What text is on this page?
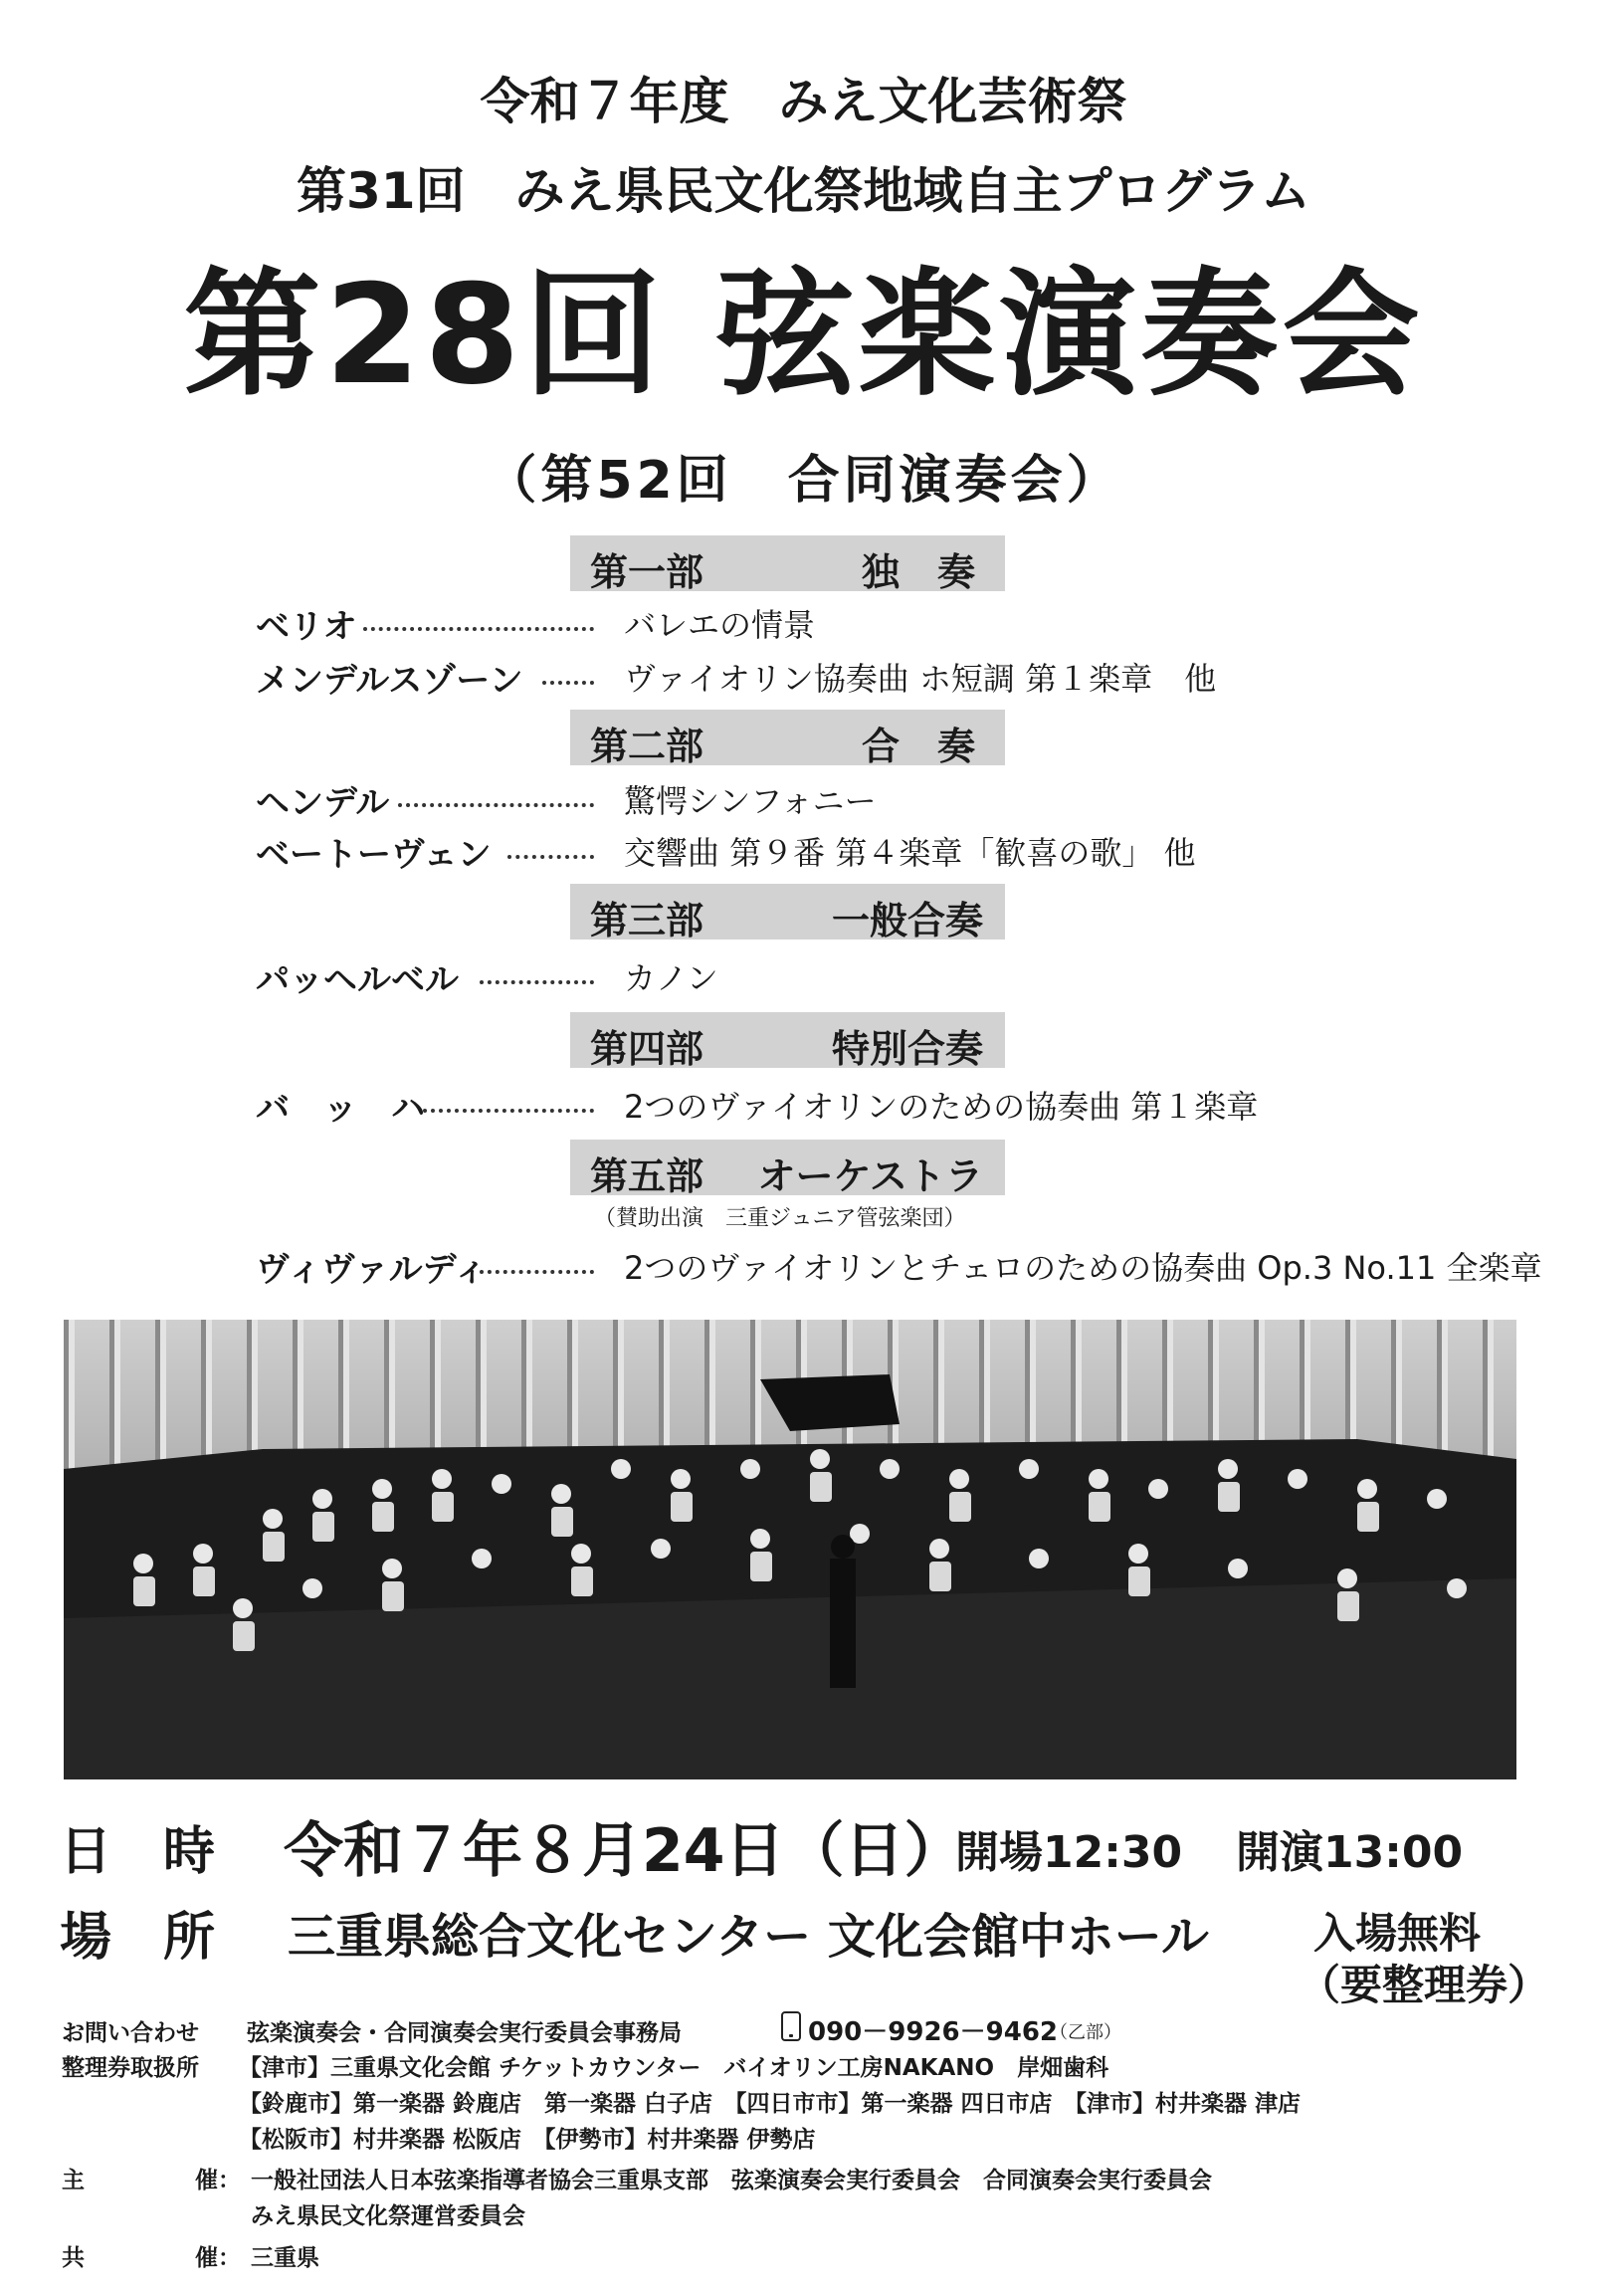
令和７年度　みえ文化芸術祭
第31回　みえ県民文化祭地域自主プログラム
第28回 弦楽演奏会
（第52回　合同演奏会）
第一部	独　奏
ベリオ	バレエの情景
メンデルスゾーン	ヴァイオリン協奏曲 ホ短調 第１楽章　他
第二部	合　奏
ヘンデル	驚愕シンフォニー
ベートーヴェン	交響曲 第９番 第４楽章「歓喜の歌」 他
第三部	一般合奏
パッヘルベル	カノン
第四部	特別合奏
バ　ッ　ハ	2つのヴァイオリンのための協奏曲 第１楽章
第五部 オーケストラ
（賛助出演　三重ジュニア管弦楽団）
ヴィヴァルディ	2つのヴァイオリンとチェロのための協奏曲 Op.3 No.11 全楽章
日　時 令和７年８月24日（日）
開場12:30 開演13:00
場　所 三重県総合文化センター 文化会館中ホール	入場無料
（要整理券）
お問い合わせ 弦楽演奏会・合同演奏会実行委員会事務局	090－9926－9462
（乙部）
整理券取扱所 【津市】三重県文化会館 チケットカウンター　バイオリン工房NAKANO　岸畑歯科
【鈴鹿市】第一楽器 鈴鹿店　第一楽器 白子店　【四日市市】第一楽器 四日市店　【津市】村井楽器 津店
【松阪市】村井楽器 松阪店　【伊勢市】村井楽器 伊勢店
主	催： 一般社団法人日本弦楽指導者協会三重県支部　弦楽演奏会実行委員会　合同演奏会実行委員会
みえ県民文化祭運営委員会
共	催： 三重県
